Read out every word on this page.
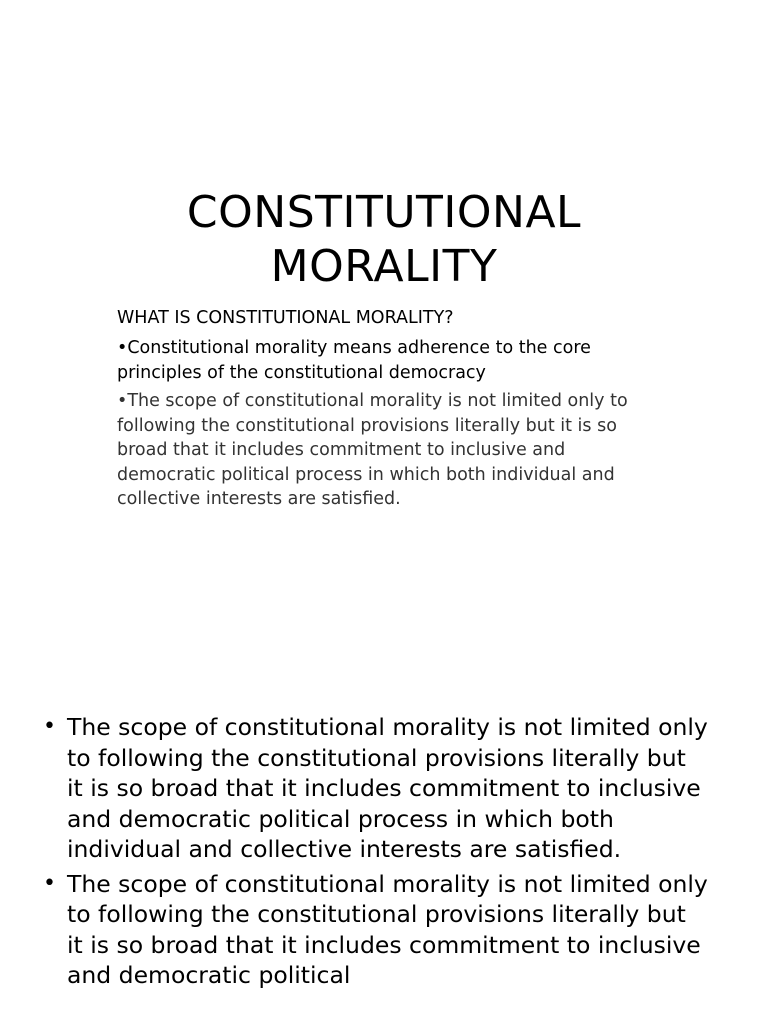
CONSTITUTIONAL
MORALITY

WHAT IS CONSTITUTIONAL MORALITY?

•Constitutional morality means adherence to the core principles of the constitutional democracy

•The scope of constitutional morality is not limited only to following the constitutional provisions literally but it is so broad that it includes commitment to inclusive and democratic political process in which both individual and collective interests are satisfied.

• The scope of constitutional morality is not limited only to following the constitutional provisions literally but it is so broad that it includes commitment to inclusive and democratic political process in which both individual and collective interests are satisfied.
• The scope of constitutional morality is not limited only to following the constitutional provisions literally but it is so broad that it includes commitment to inclusive and democratic political
